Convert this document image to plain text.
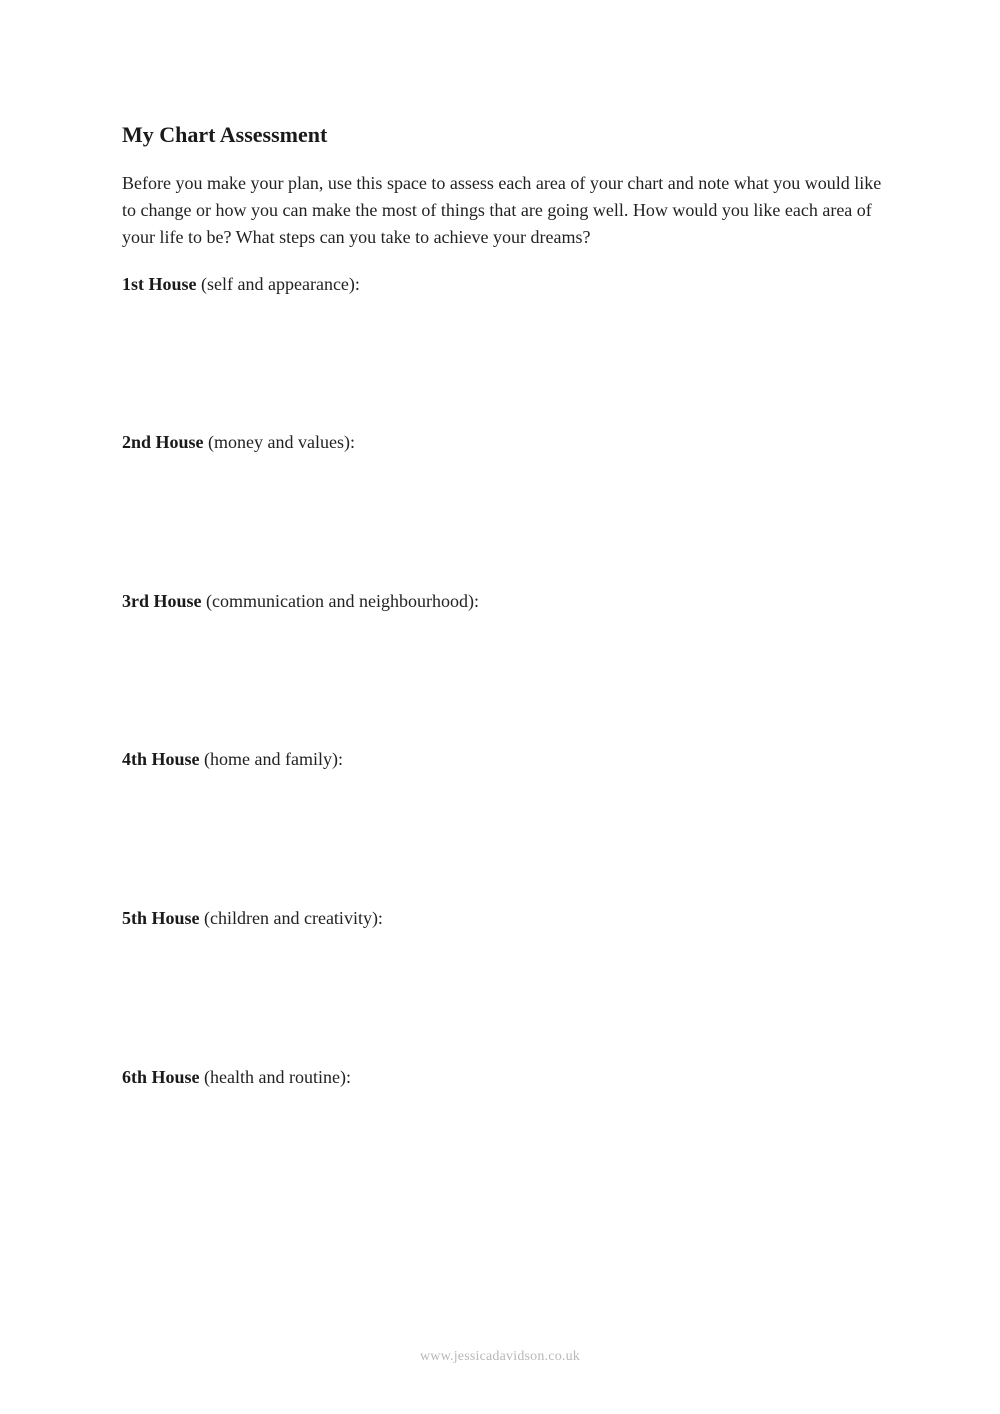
My Chart Assessment

Before you make your plan, use this space to assess each area of your chart and note what you would like to change or how you can make the most of things that are going well. How would you like each area of your life to be? What steps can you take to achieve your dreams?

1st House (self and appearance):

2nd House (money and values):

3rd House (communication and neighbourhood):

4th House (home and family):

5th House (children and creativity):

6th House (health and routine):

www.jessicadavidson.co.uk
